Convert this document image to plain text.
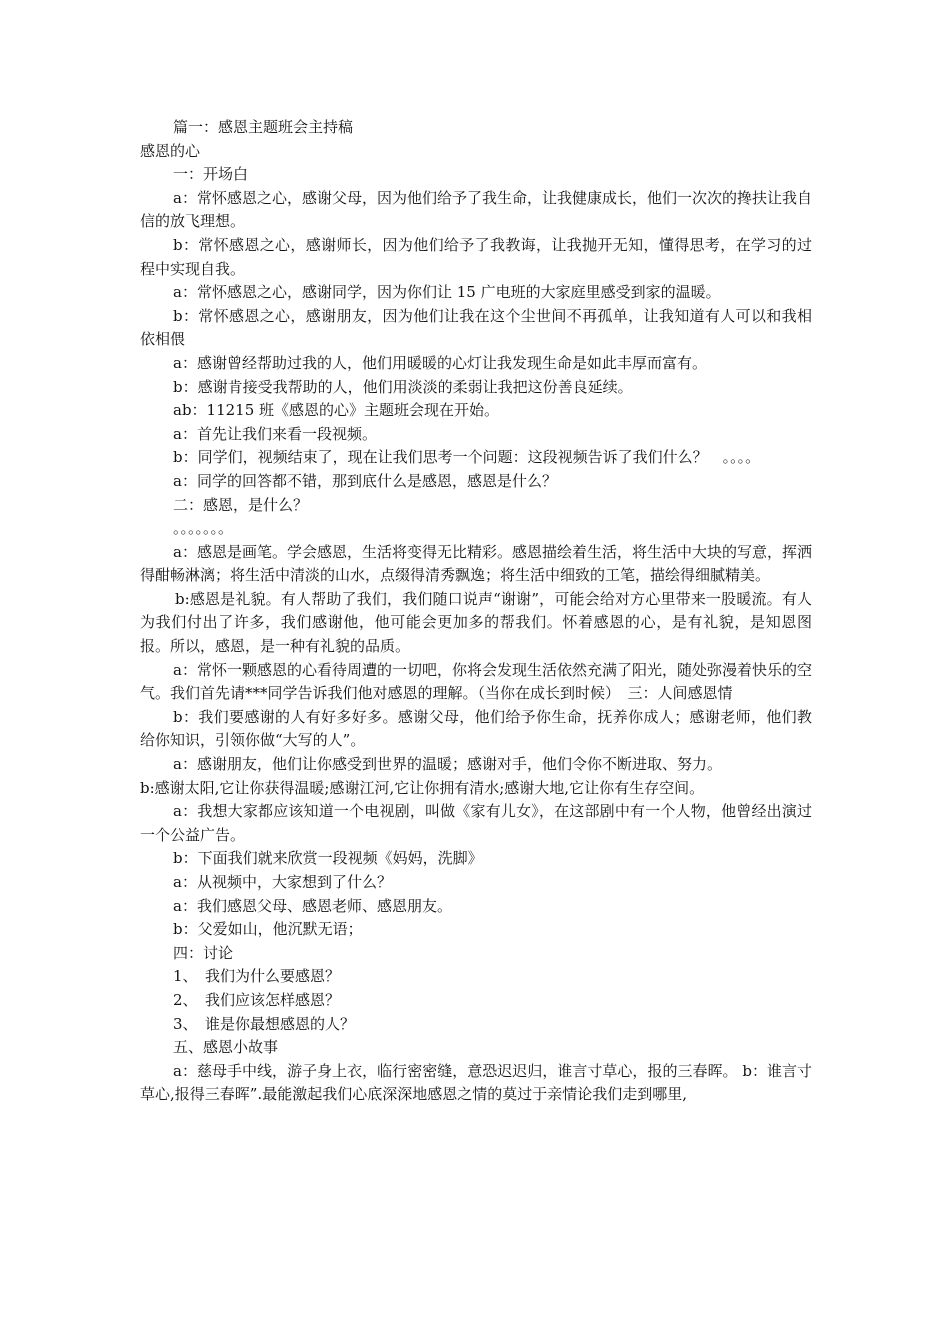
篇一：感恩主题班会主持稿

感恩的心

一：开场白

a：常怀感恩之心，感谢父母，因为他们给予了我生命，让我健康成长，他们一次次的搀扶让我自信的放飞理想。

b：常怀感恩之心，感谢师长，因为他们给予了我教诲，让我抛开无知，懂得思考，在学习的过程中实现自我。

a：常怀感恩之心，感谢同学，因为你们让 15 广电班的大家庭里感受到家的温暖。

b：常怀感恩之心，感谢朋友，因为他们让我在这个尘世间不再孤单，让我知道有人可以和我相依相偎

a：感谢曾经帮助过我的人，他们用暖暖的心灯让我发现生命是如此丰厚而富有。

b：感谢肯接受我帮助的人，他们用淡淡的柔弱让我把这份善良延续。

ab：11215 班《感恩的心》主题班会现在开始。

a：首先让我们来看一段视频。

b：同学们，视频结束了，现在让我们思考一个问题：这段视频告诉了我们什么？　。。。。

a：同学的回答都不错，那到底什么是感恩，感恩是什么？

二：感恩，是什么？

。。。。。。。

a：感恩是画笔。学会感恩，生活将变得无比精彩。感恩描绘着生活，将生活中大块的写意，挥洒得酣畅淋漓；将生活中清淡的山水，点缀得清秀飘逸；将生活中细致的工笔，描绘得细腻精美。

b:感恩是礼貌。有人帮助了我们，我们随口说声“谢谢”，可能会给对方心里带来一股暖流。有人为我们付出了许多，我们感谢他，他可能会更加多的帮我们。怀着感恩的心，是有礼貌，是知恩图报。所以，感恩，是一种有礼貌的品质。

a：常怀一颗感恩的心看待周遭的一切吧，你将会发现生活依然充满了阳光，随处弥漫着快乐的空气。我们首先请***同学告诉我们他对感恩的理解。（当你在成长到时候）　三：人间感恩情

b：我们要感谢的人有好多好多。感谢父母，他们给予你生命，抚养你成人；感谢老师，他们教给你知识，引领你做“大写的人”。

a：感谢朋友，他们让你感受到世界的温暖；感谢对手，他们令你不断进取、努力。

b:感谢太阳,它让你获得温暖;感谢江河,它让你拥有清水;感谢大地,它让你有生存空间。

a：我想大家都应该知道一个电视剧，叫做《家有儿女》，在这部剧中有一个人物，他曾经出演过一个公益广告。

b：下面我们就来欣赏一段视频《妈妈，洗脚》

a：从视频中，大家想到了什么？

a：我们感恩父母、感恩老师、感恩朋友。

b：父爱如山，他沉默无语；

四：讨论

1、　我们为什么要感恩？

2、　我们应该怎样感恩？

3、　谁是你最想感恩的人？

五、感恩小故事

a：慈母手中线，游子身上衣，临行密密缝，意恐迟迟归，谁言寸草心，报的三春晖。 b：谁言寸草心,报得三春晖”.最能激起我们心底深深地感恩之情的莫过于亲情论我们走到哪里,
